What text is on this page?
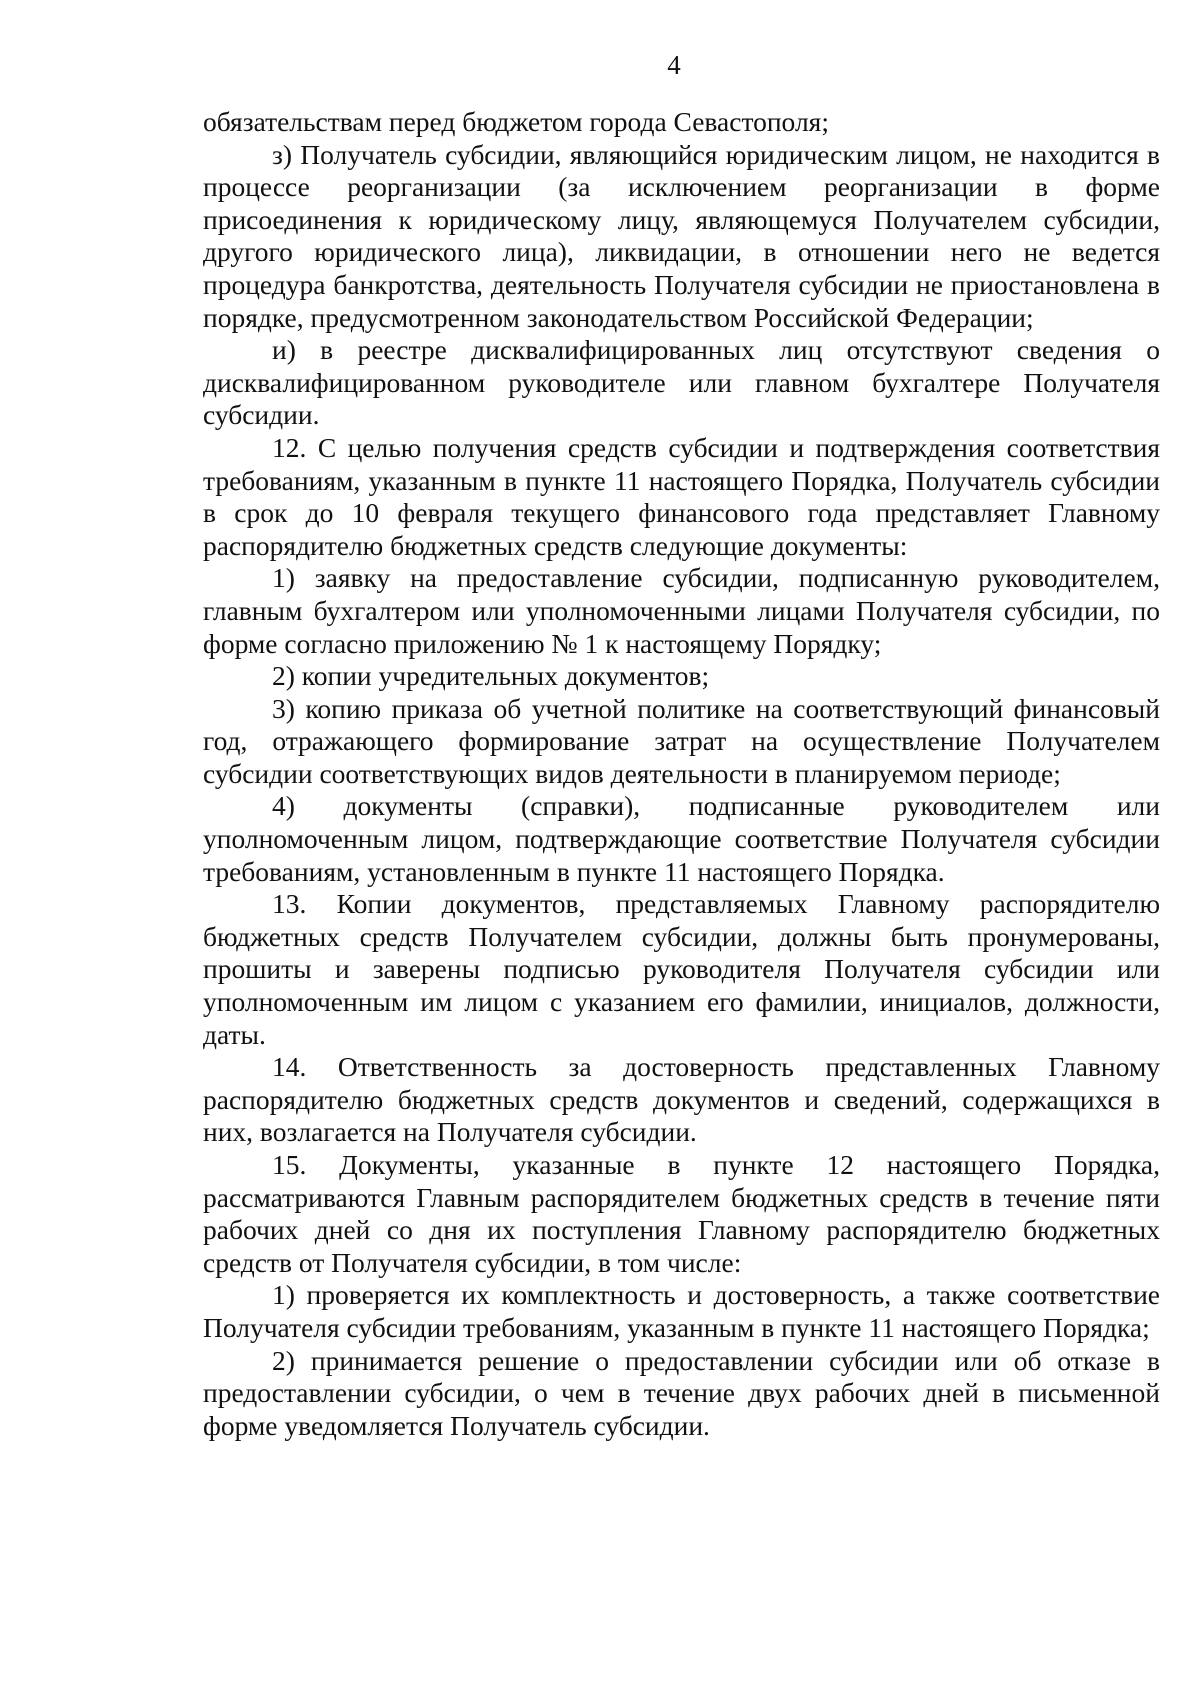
4

обязательствам перед бюджетом города Севастополя;

з) Получатель субсидии, являющийся юридическим лицом, не находится в процессе реорганизации (за исключением реорганизации в форме присоединения к юридическому лицу, являющемуся Получателем субсидии, другого юридического лица), ликвидации, в отношении него не ведется процедура банкротства, деятельность Получателя субсидии не приостановлена в порядке, предусмотренном законодательством Российской Федерации;

и) в реестре дисквалифицированных лиц отсутствуют сведения о дисквалифицированном руководителе или главном бухгалтере Получателя субсидии.

12. С целью получения средств субсидии и подтверждения соответствия требованиям, указанным в пункте 11 настоящего Порядка, Получатель субсидии в срок до 10 февраля текущего финансового года представляет Главному распорядителю бюджетных средств следующие документы:

1) заявку на предоставление субсидии, подписанную руководителем, главным бухгалтером или уполномоченными лицами Получателя субсидии, по форме согласно приложению № 1 к настоящему Порядку;

2) копии учредительных документов;

3) копию приказа об учетной политике на соответствующий финансовый год, отражающего формирование затрат на осуществление Получателем субсидии соответствующих видов деятельности в планируемом периоде;

4) документы (справки), подписанные руководителем или уполномоченным лицом, подтверждающие соответствие Получателя субсидии требованиям, установленным в пункте 11 настоящего Порядка.

13. Копии документов, представляемых Главному распорядителю бюджетных средств Получателем субсидии, должны быть пронумерованы, прошиты и заверены подписью руководителя Получателя субсидии или уполномоченным им лицом с указанием его фамилии, инициалов, должности, даты.

14. Ответственность за достоверность представленных Главному распорядителю бюджетных средств документов и сведений, содержащихся в них, возлагается на Получателя субсидии.

15. Документы, указанные в пункте 12 настоящего Порядка, рассматриваются Главным распорядителем бюджетных средств в течение пяти рабочих дней со дня их поступления Главному распорядителю бюджетных средств от Получателя субсидии, в том числе:

1) проверяется их комплектность и достоверность, а также соответствие Получателя субсидии требованиям, указанным в пункте 11 настоящего Порядка;

2) принимается решение о предоставлении субсидии или об отказе в предоставлении субсидии, о чем в течение двух рабочих дней в письменной форме уведомляется Получатель субсидии.
